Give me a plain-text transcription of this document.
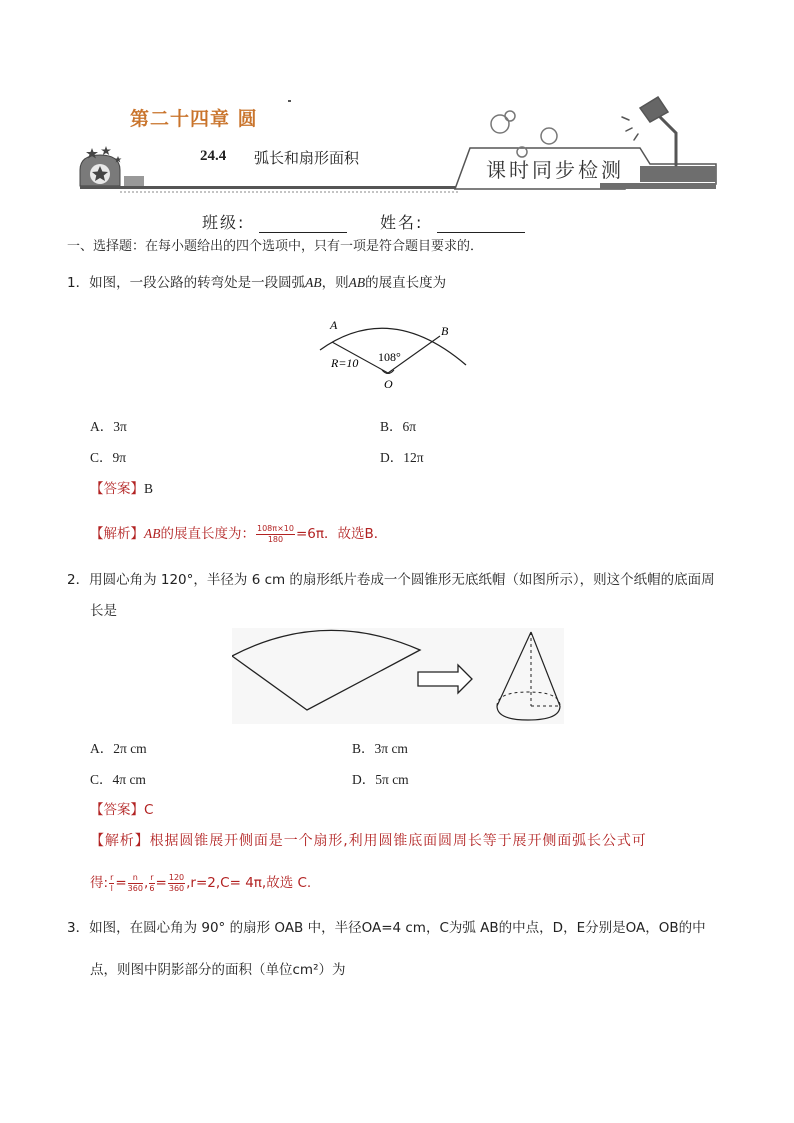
第二十四章 圆
24.4 弧长和扇形面积	课时同步检测
班级:	姓名:
一、选择题：在每小题给出的四个选项中，只有一项是符合题目要求的．
1．如图，一段公路的转弯处是一段圆弧AB，则AB的展直长度为
A	B
O
R=10 108°
A．3π	B．6π
C．9π	D．12π
【答案】B
【解析】AB的展直长度为： $\frac{108\pi\times 10}{180} =6\pi$．故选B．
2．用圆心角为 120°，半径为 6 cm 的扇形纸片卷成一个圆锥形无底纸帽（如图所示），则这个纸帽的底面周
长是
A．2π cm	B．3π cm
C．4π cm	D．5π cm
【答案】C
【解析】根据圆锥展开侧面是一个扇形,利用圆锥底面圆周长等于展开侧面弧长公式可
得: $\frac{r}{l} = \frac{n}{360}$ , $\frac{r}{6} = \frac{120}{360} ,r=2,C= 4\pi$,故选 C.
3．如图，在圆心角为 90° 的扇形 OAB 中，半径OA=4 cm，C为弧 AB的中点，D，E分别是OA，OB的中
点，则图中阴影部分的面积（单位cm²）为
